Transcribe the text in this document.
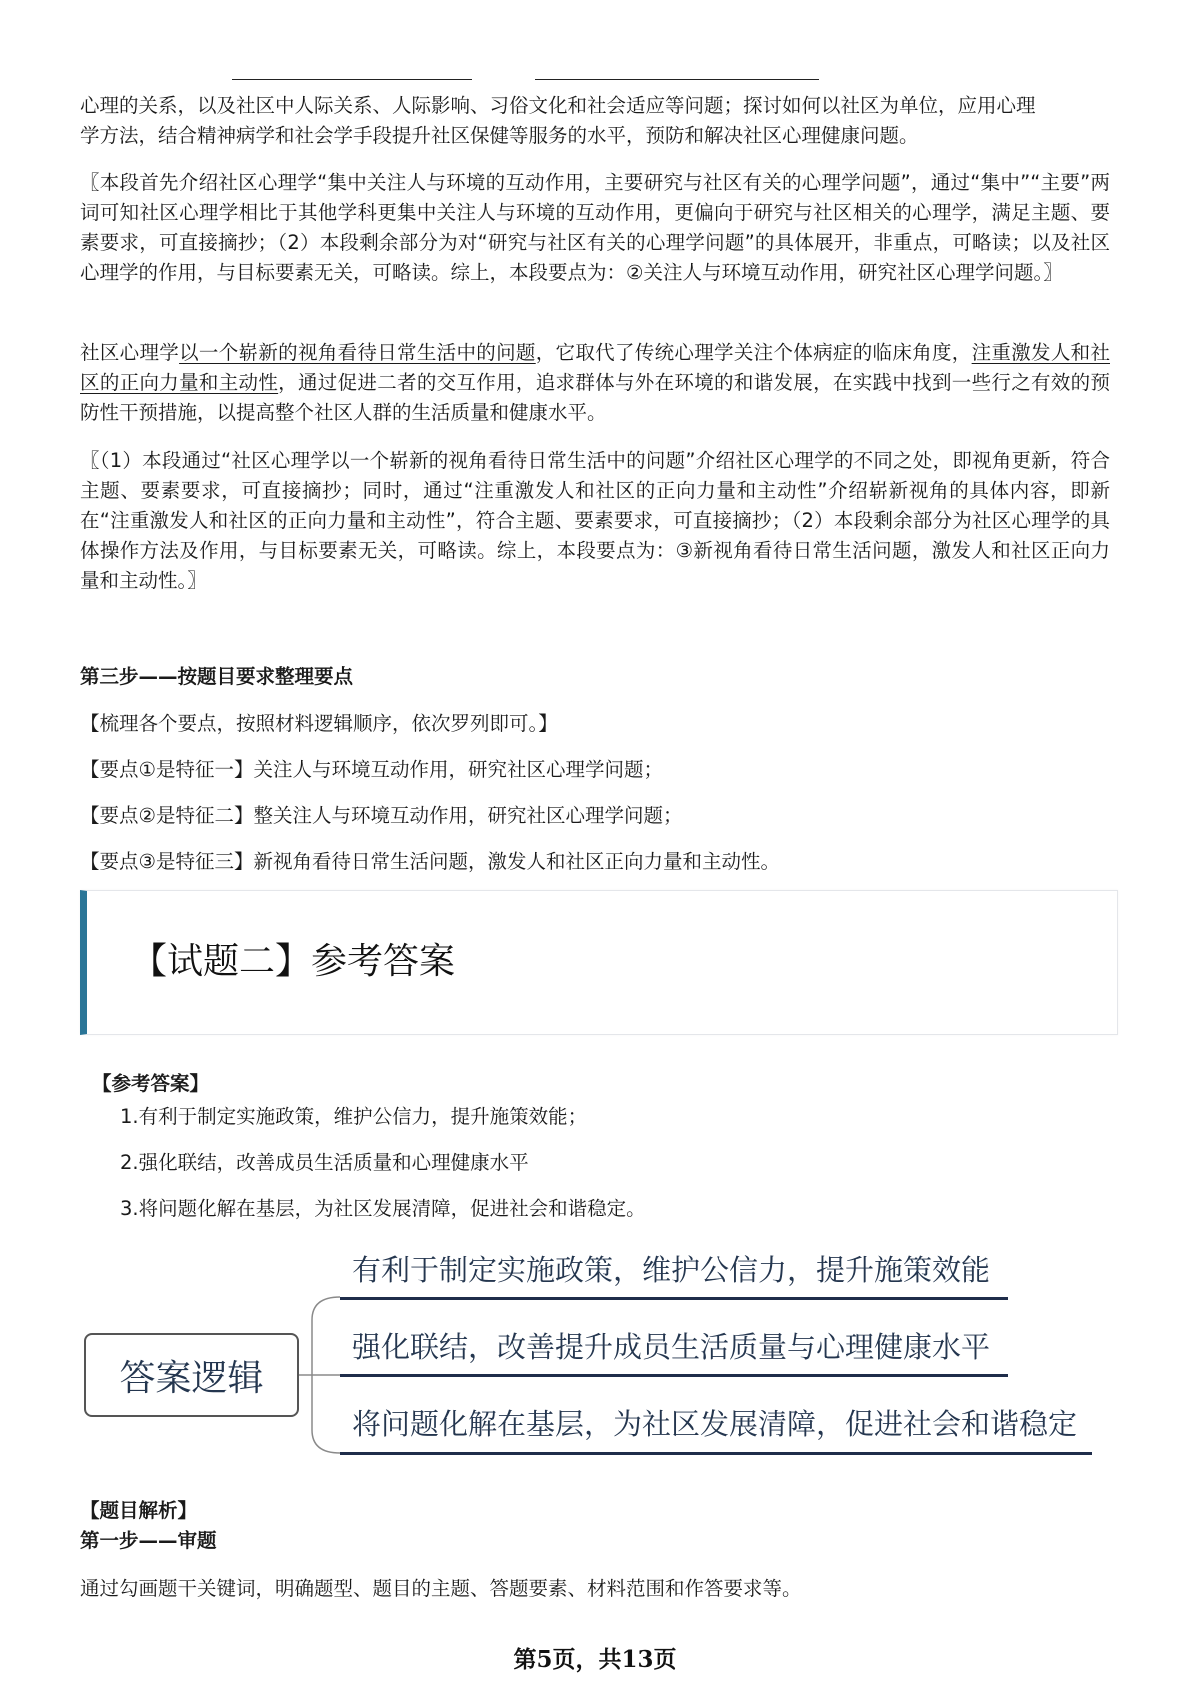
心理的关系，以及社区中人际关系、人际影响、习俗文化和社会适应等问题；探讨如何以社区为单位，应用心理
学方法，结合精神病学和社会学手段提升社区保健等服务的水平，预防和解决社区心理健康问题。

〖本段首先介绍社区心理学“集中关注人与环境的互动作用，主要研究与社区有关的心理学问题”，通过“集中”“主要”两词可知社区心理学相比于其他学科更集中关注人与环境的互动作用，更偏向于研究与社区相关的心理学，满足主题、要素要求，可直接摘抄；（2）本段剩余部分为对“研究与社区有关的心理学问题”的具体展开，非重点，可略读；以及社区心理学的作用，与目标要素无关，可略读。综上，本段要点为：②关注人与环境互动作用，研究社区心理学问题。〗

社区心理学以一个崭新的视角看待日常生活中的问题，它取代了传统心理学关注个体病症的临床角度，注重激发人和社区的正向力量和主动性，通过促进二者的交互作用，追求群体与外在环境的和谐发展，在实践中找到一些行之有效的预防性干预措施，以提高整个社区人群的生活质量和健康水平。

〖（1）本段通过“社区心理学以一个崭新的视角看待日常生活中的问题”介绍社区心理学的不同之处，即视角更新，符合主题、要素要求，可直接摘抄；同时，通过“注重激发人和社区的正向力量和主动性”介绍崭新视角的具体内容，即新在“注重激发人和社区的正向力量和主动性”，符合主题、要素要求，可直接摘抄；（2）本段剩余部分为社区心理学的具体操作方法及作用，与目标要素无关，可略读。综上，本段要点为：③新视角看待日常生活问题，激发人和社区正向力量和主动性。〗

第三步——按题目要求整理要点

【梳理各个要点，按照材料逻辑顺序，依次罗列即可。】

【要点①是特征一】关注人与环境互动作用，研究社区心理学问题；

【要点②是特征二】整关注人与环境互动作用，研究社区心理学问题；

【要点③是特征三】新视角看待日常生活问题，激发人和社区正向力量和主动性。

【试题二】参考答案

【参考答案】

1.有利于制定实施政策，维护公信力，提升施策效能；

2.强化联结，改善成员生活质量和心理健康水平

3.将问题化解在基层，为社区发展清障，促进社会和谐稳定。

答案逻辑
有利于制定实施政策，维护公信力，提升施策效能
强化联结，改善提升成员生活质量与心理健康水平
将问题化解在基层，为社区发展清障，促进社会和谐稳定

【题目解析】

第一步——审题

通过勾画题干关键词，明确题型、题目的主题、答题要素、材料范围和作答要求等。

第5页，共13页
